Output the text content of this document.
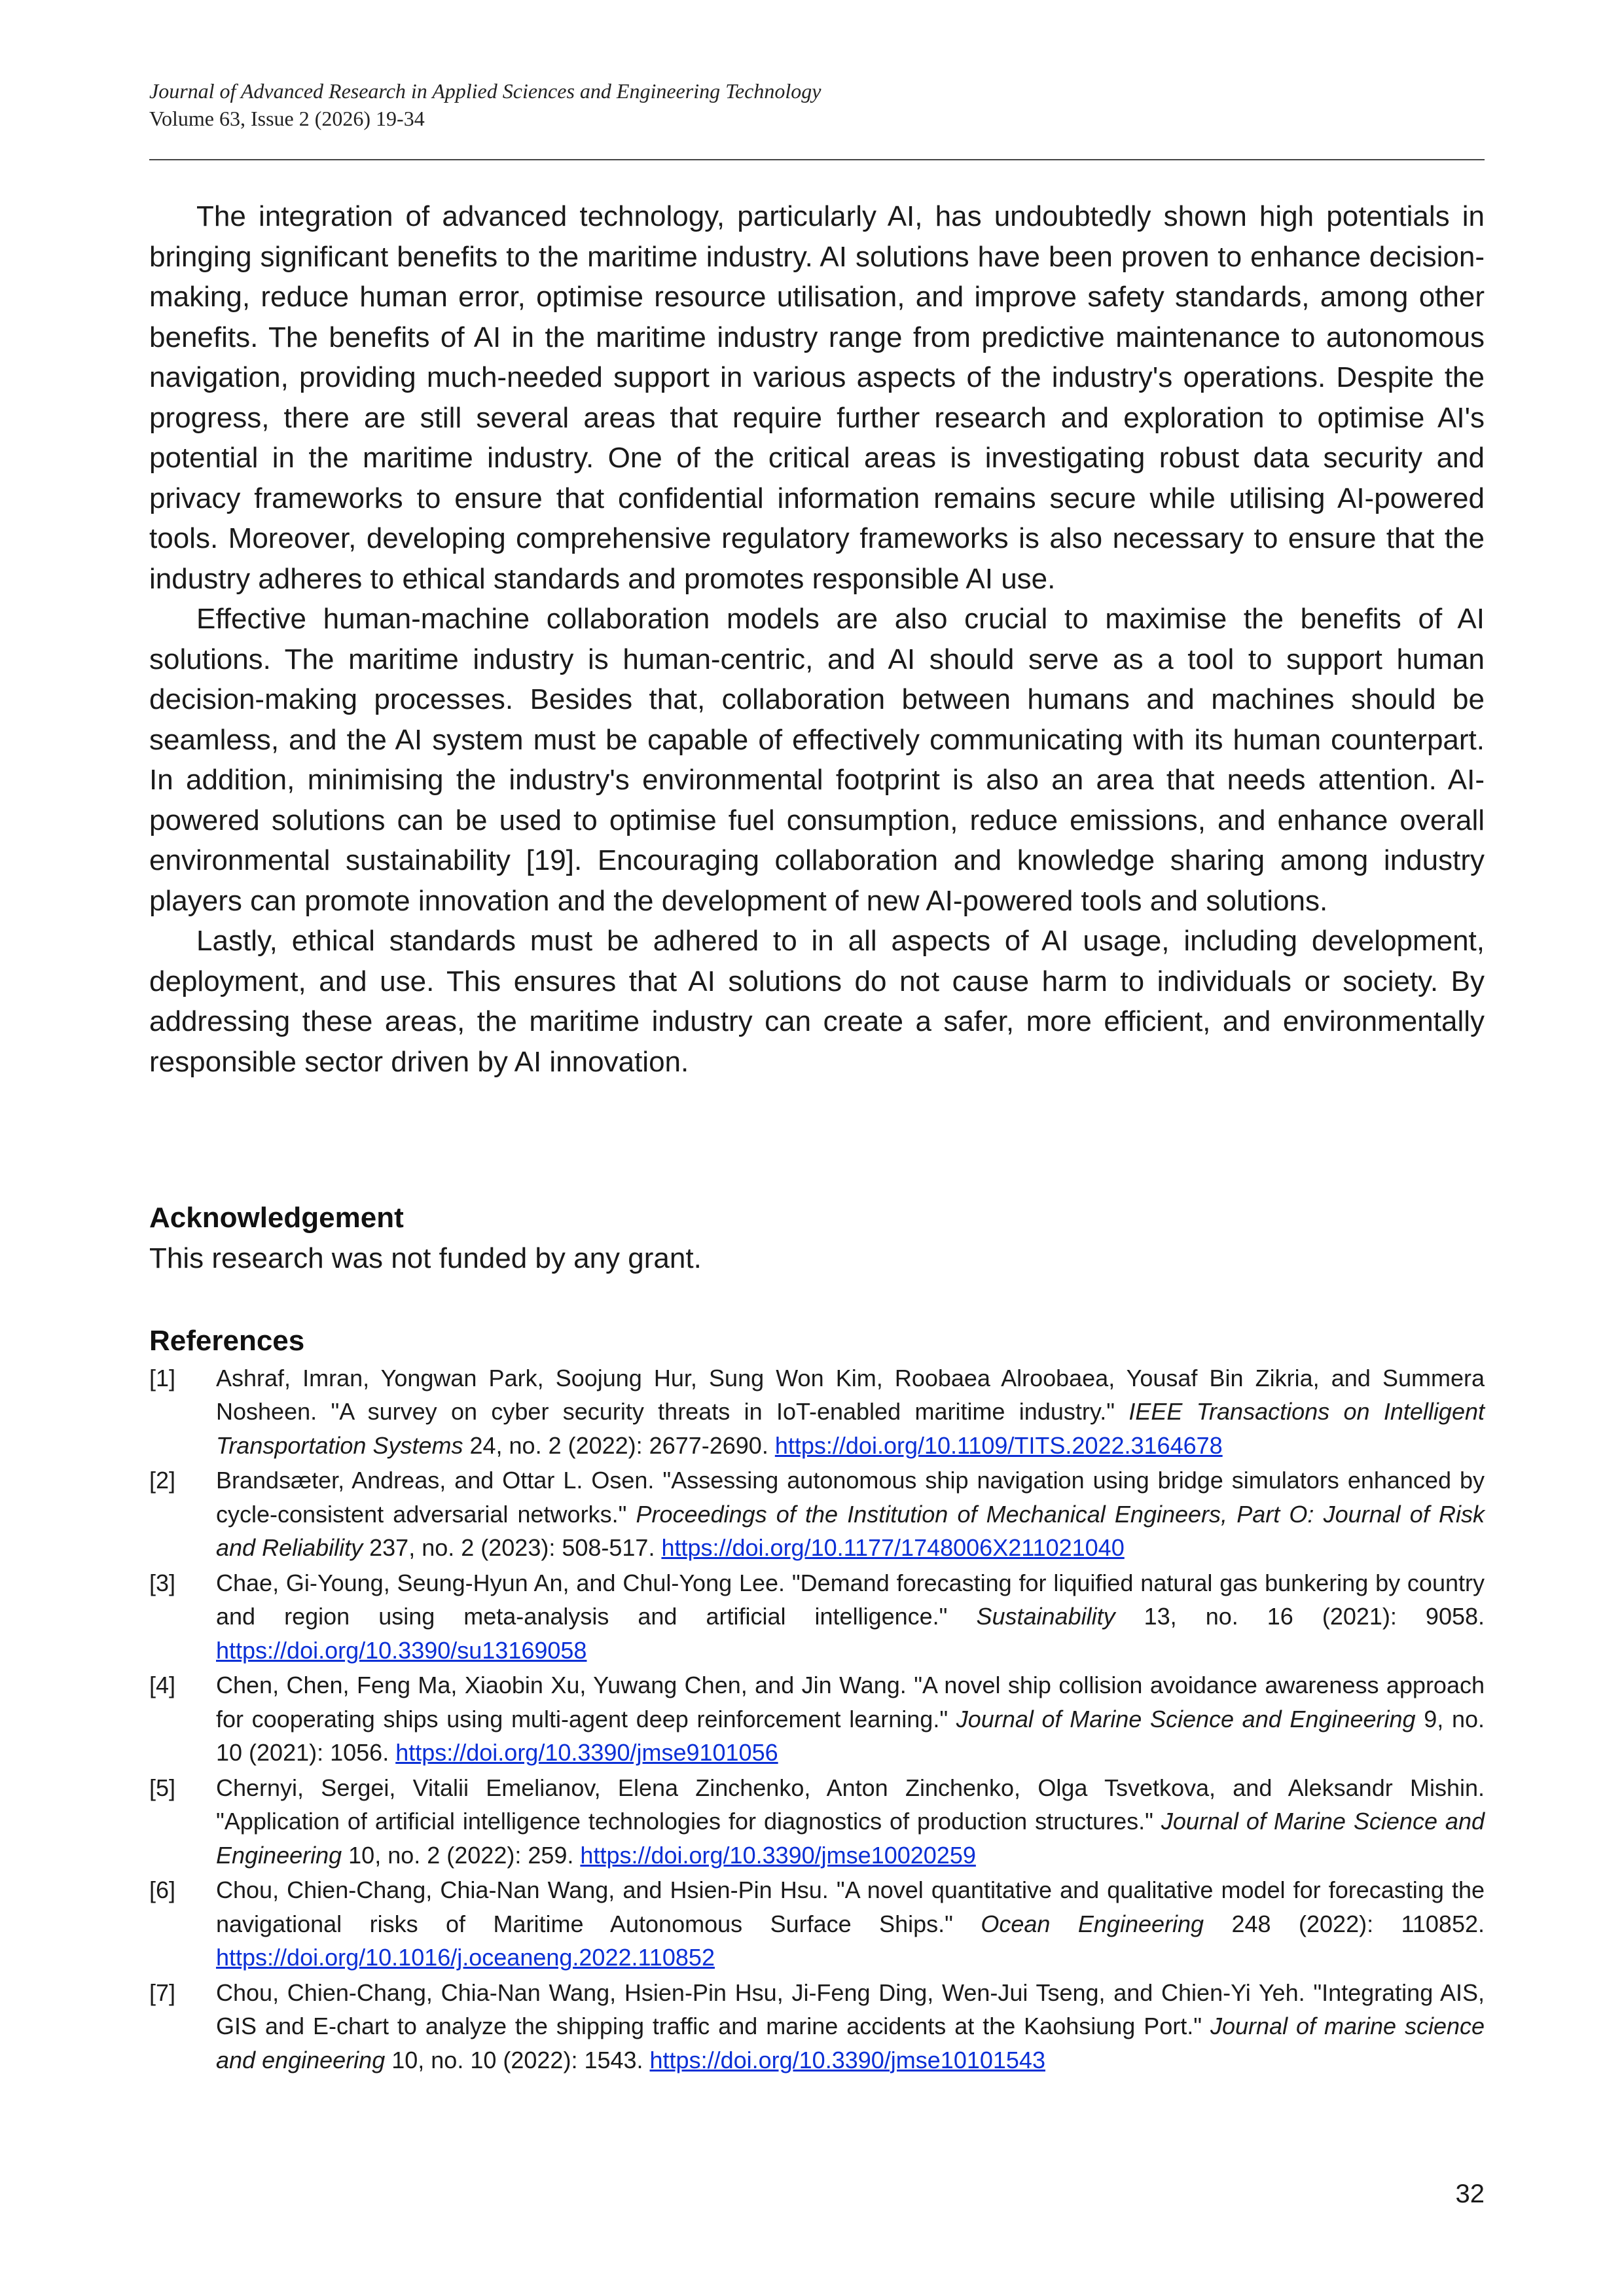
Journal of Advanced Research in Applied Sciences and Engineering Technology
Volume 63, Issue 2 (2026) 19-34

The integration of advanced technology, particularly AI, has undoubtedly shown high potentials in bringing significant benefits to the maritime industry. AI solutions have been proven to enhance decision-making, reduce human error, optimise resource utilisation, and improve safety standards, among other benefits. The benefits of AI in the maritime industry range from predictive maintenance to autonomous navigation, providing much-needed support in various aspects of the industry's operations. Despite the progress, there are still several areas that require further research and exploration to optimise AI's potential in the maritime industry. One of the critical areas is investigating robust data security and privacy frameworks to ensure that confidential information remains secure while utilising AI-powered tools. Moreover, developing comprehensive regulatory frameworks is also necessary to ensure that the industry adheres to ethical standards and promotes responsible AI use.

Effective human-machine collaboration models are also crucial to maximise the benefits of AI solutions. The maritime industry is human-centric, and AI should serve as a tool to support human decision-making processes. Besides that, collaboration between humans and machines should be seamless, and the AI system must be capable of effectively communicating with its human counterpart. In addition, minimising the industry's environmental footprint is also an area that needs attention. AI-powered solutions can be used to optimise fuel consumption, reduce emissions, and enhance overall environmental sustainability [19]. Encouraging collaboration and knowledge sharing among industry players can promote innovation and the development of new AI-powered tools and solutions.

Lastly, ethical standards must be adhered to in all aspects of AI usage, including development, deployment, and use. This ensures that AI solutions do not cause harm to individuals or society. By addressing these areas, the maritime industry can create a safer, more efficient, and environmentally responsible sector driven by AI innovation.

Acknowledgement

This research was not funded by any grant.

References
[1] Ashraf, Imran, Yongwan Park, Soojung Hur, Sung Won Kim, Roobaea Alroobaea, Yousaf Bin Zikria, and Summera Nosheen. "A survey on cyber security threats in IoT-enabled maritime industry." IEEE Transactions on Intelligent Transportation Systems 24, no. 2 (2022): 2677-2690. https://doi.org/10.1109/TITS.2022.3164678
[2] Brandsæter, Andreas, and Ottar L. Osen. "Assessing autonomous ship navigation using bridge simulators enhanced by cycle-consistent adversarial networks." Proceedings of the Institution of Mechanical Engineers, Part O: Journal of Risk and Reliability 237, no. 2 (2023): 508-517. https://doi.org/10.1177/1748006X211021040
[3] Chae, Gi-Young, Seung-Hyun An, and Chul-Yong Lee. "Demand forecasting for liquified natural gas bunkering by country and region using meta-analysis and artificial intelligence." Sustainability 13, no. 16 (2021): 9058. https://doi.org/10.3390/su13169058
[4] Chen, Chen, Feng Ma, Xiaobin Xu, Yuwang Chen, and Jin Wang. "A novel ship collision avoidance awareness approach for cooperating ships using multi-agent deep reinforcement learning." Journal of Marine Science and Engineering 9, no. 10 (2021): 1056. https://doi.org/10.3390/jmse9101056
[5] Chernyi, Sergei, Vitalii Emelianov, Elena Zinchenko, Anton Zinchenko, Olga Tsvetkova, and Aleksandr Mishin. "Application of artificial intelligence technologies for diagnostics of production structures." Journal of Marine Science and Engineering 10, no. 2 (2022): 259. https://doi.org/10.3390/jmse10020259
[6] Chou, Chien-Chang, Chia-Nan Wang, and Hsien-Pin Hsu. "A novel quantitative and qualitative model for forecasting the navigational risks of Maritime Autonomous Surface Ships." Ocean Engineering 248 (2022): 110852. https://doi.org/10.1016/j.oceaneng.2022.110852
[7] Chou, Chien-Chang, Chia-Nan Wang, Hsien-Pin Hsu, Ji-Feng Ding, Wen-Jui Tseng, and Chien-Yi Yeh. "Integrating AIS, GIS and E-chart to analyze the shipping traffic and marine accidents at the Kaohsiung Port." Journal of marine science and engineering 10, no. 10 (2022): 1543. https://doi.org/10.3390/jmse10101543
32
